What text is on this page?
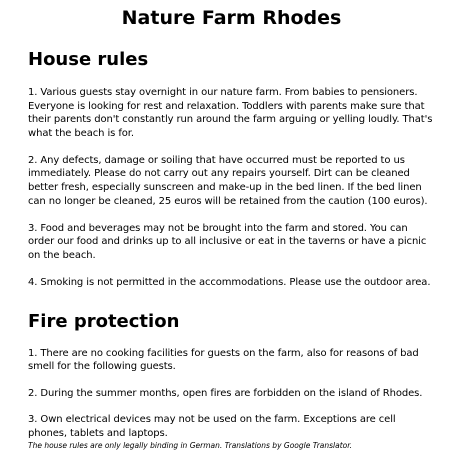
Nature Farm Rhodes
House rules
1. Various guests stay overnight in our nature farm. From babies to pensioners. Everyone is looking for rest and relaxation. Toddlers with parents make sure that their parents don't constantly run around the farm arguing or yelling loudly. That's what the beach is for.
2. Any defects, damage or soiling that have occurred must be reported to us immediately. Please do not carry out any repairs yourself. Dirt can be cleaned better fresh, especially sunscreen and make-up in the bed linen. If the bed linen can no longer be cleaned, 25 euros will be retained from the caution (100 euros).
3. Food and beverages may not be brought into the farm and stored. You can order our food and drinks up to all inclusive or eat in the taverns or have a picnic on the beach.
4. Smoking is not permitted in the accommodations. Please use the outdoor area.
Fire protection
1. There are no cooking facilities for guests on the farm, also for reasons of bad smell for the following guests.
2. During the summer months, open fires are forbidden on the island of Rhodes.
3. Own electrical devices may not be used on the farm. Exceptions are cell phones, tablets and laptops.

The house rules are only legally binding in German. Translations by Google Translator.
